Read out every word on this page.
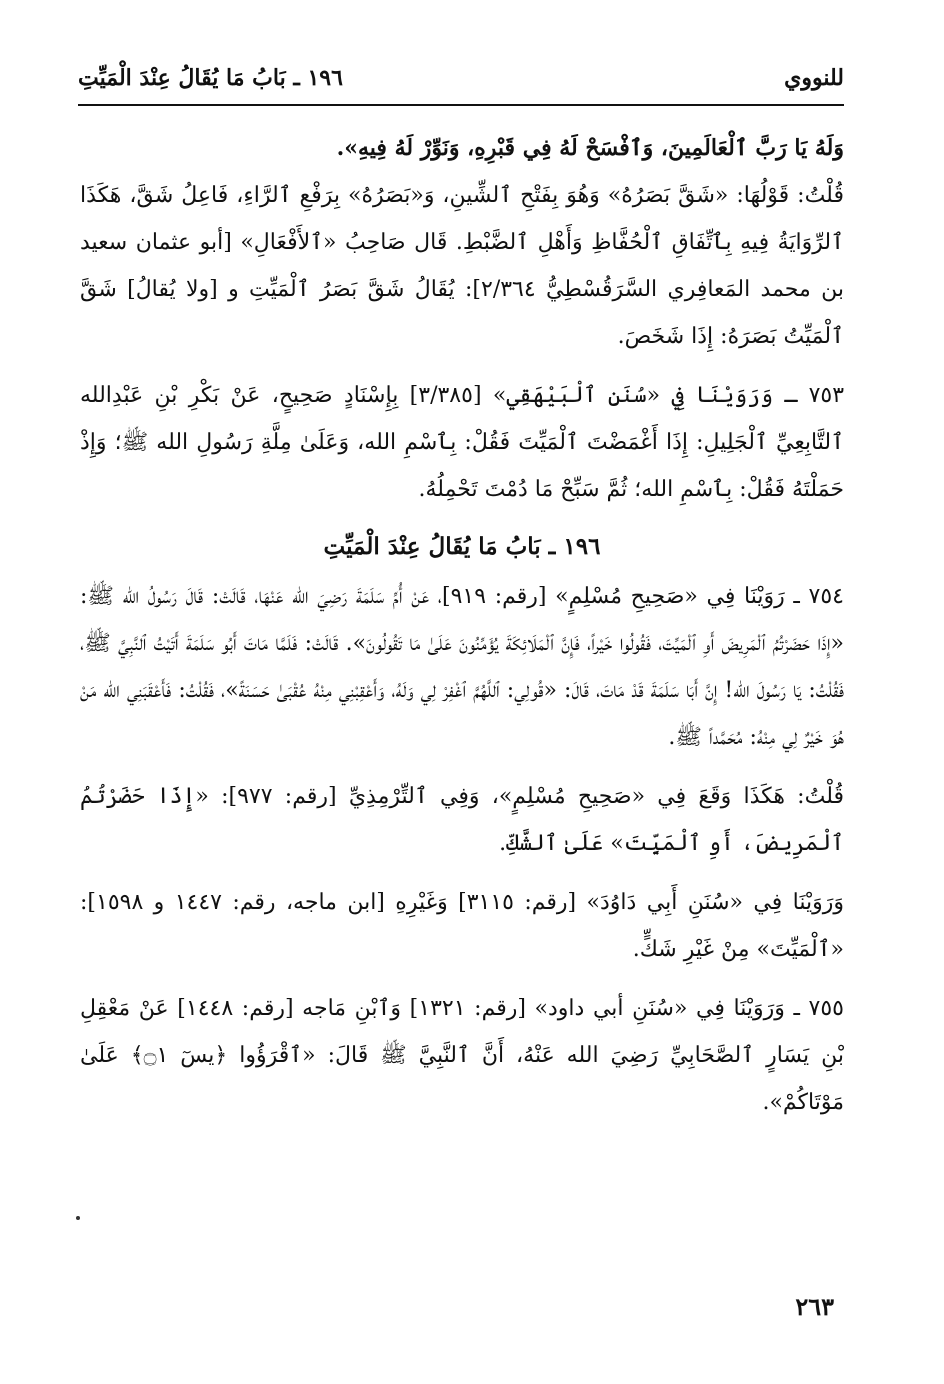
للنووي
١٩٦ ـ بَابُ مَا يُقَالُ عِنْدَ الْمَيِّتِ

وَلَهُ يَا رَبَّ ٱلْعَالَمِينَ، وَٱفْسَحْ لَهُ فِي قَبْرِهِ، وَنَوِّرْ لَهُ فِيهِ».

قُلْتُ: قَوْلُهَا: «شَقَّ بَصَرُهُ» وَهُوَ بِفَتْحِ ٱلشِّينِ، وَ«بَصَرُهُ» بِرَفْعِ ٱلرَّاءِ، فَاعِلُ شَقَّ، هَكَذَا ٱلرِّوَايَةُ فِيهِ بِٱتِّفَاقِ ٱلْحُفَّاظِ وَأَهْلِ ٱلضَّبْطِ. قَال صَاحِبُ «ٱلأَفْعَالِ» [أبو عثمان سعيد بن محمد المَعافِري السَّرَقُسْطِيُّ ٢/٣٦٤]: يُقَالُ شَقَّ بَصَرُ ٱلْمَيِّتِ و [ولا يُقالُ] شَقَّ ٱلْمَيِّتُ بَصَرَهُ: إِذَا شَخَصَ.

٧٥٣ ـ وَرَوَيْنَا فِي «سُنَنِ ٱلْبَيْهَقِي» [٣/٣٨٥] بِإِسْنَادٍ صَحِيحٍ، عَنْ بَكْرِ بْنِ عَبْدِالله ٱلتَّابِعِيِّ ٱلْجَلِيلِ: إِذَا أَغْمَضْتَ ٱلْمَيِّتَ فَقُلْ: بِٱسْمِ الله، وَعَلَىٰ مِلَّةِ رَسُولِ الله ﷺ؛ وَإِذْ حَمَلْتَهُ فَقُلْ: بِٱسْمِ الله؛ ثُمَّ سَبِّحْ مَا دُمْتَ تَحْمِلُهُ.

١٩٦ ـ بَابُ مَا يُقَالُ عِنْدَ الْمَيِّتِ

٧٥٤ ـ رَوَيْنَا فِي «صَحِيحِ مُسْلِمٍ» [رقم: ٩١٩]، عَنْ أُمِّ سَلَمَةَ رَضِيَ الله عَنْهَا، قَالَتْ: قَالَ رَسُولُ الله ﷺ: «إِذَا حَضَرْتُمُ ٱلْمَرِيضَ أَوِ ٱلْمَيِّتَ، فَقُولُوا خَيْراً، فَإِنَّ ٱلْمَلَائِكَةَ يُؤَمِّنُونَ عَلَىٰ مَا تَقُولُونَ». قَالَتْ: فَلَمَّا مَاتَ أَبُو سَلَمَةَ أَتَيْتُ ٱلنَّبِيَّ ﷺ، فَقُلْتُ: يَا رَسُولَ الله! إِنَّ أَبَا سَلَمَةَ قَدْ مَاتَ، قَالَ: «قُولِي: ٱللَّهُمَّ ٱغْفِرْ لِي وَلَهُ، وَأَعْقِبْنِي مِنْهُ عُقْبَىٰ حَسَنَةً»، فَقُلْتُ: فَأَعْقَبَنِي الله مَنْ هُوَ خَيْرٌ لِي مِنْهُ: مُحَمَّداً ﷺ.

قُلْتُ: هَكَذَا وَقَعَ فِي «صَحِيحِ مُسْلِمٍ»، وَفِي ٱلتِّرْمِذِيِّ [رقم: ٩٧٧]: «إِذَا حَضَرْتُمُ ٱلْمَرِيضَ، أَوِ ٱلْمَيِّتَ» عَلَىٰ ٱلشَّكِّ.

وَرَوَيْنَا فِي «سُنَنِ أَبِي دَاوُدَ» [رقم: ٣١١٥] وَغَيْرِهِ [ابن ماجه، رقم: ١٤٤٧ و ١٥٩٨]: «ٱلْمَيِّتَ» مِنْ غَيْرِ شَكٍّ.

٧٥٥ ـ وَرَوَيْنَا فِي «سُنَنِ أبي داود» [رقم: ١٣٢١] وَٱبْنِ مَاجه [رقم: ١٤٤٨] عَنْ مَعْقِلِ بْنِ يَسَارٍ ٱلصَّحَابِيِّ رَضِيَ الله عَنْهُ، أَنَّ ٱلنَّبِيَّ ﷺ قَالَ: «ٱقْرَؤُوا ﴿يسٓ ۝١﴾ عَلَىٰ مَوْتَاكُمْ».

٢٦٣
